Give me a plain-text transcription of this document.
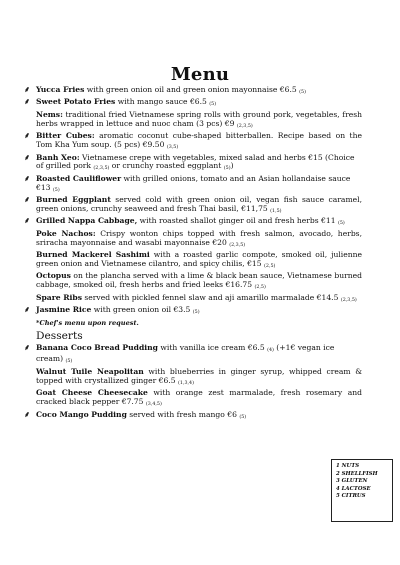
Menu
⸙ Yucca Fries with green onion oil and green onion mayonnaise €6.5 (5)
⸙ Sweet Potato Fries with mango sauce €6.5 (5)
Nems: traditional fried Vietnamese spring rolls with ground pork, vegetables, fresh herbs wrapped in lettuce and nuoc cham (3 pcs) €9 (2,3,5)
⸙ Bitter Cubes: aromatic coconut cube-shaped bitterballen. Recipe based on the Tom Kha Yum soup. (5 pcs) €9.50 (3,5)
⸙ Banh Xeo: Vietnamese crepe with vegetables, mixed salad and herbs €15 (Choice of grilled pork (2,3,5) or crunchy roasted eggplant (5))
⸙ Roasted Cauliflower with grilled onions, tomato and an Asian hollandaise sauce €13 (5)
⸙ Burned Eggplant served cold with green onion oil, vegan fish sauce caramel, green onions, crunchy seaweed and fresh Thai basil, €11,75 (1,5)
⸙ Grilled Nappa Cabbage, with roasted shallot ginger oil and fresh herbs €11 (5)
Poke Nachos: Crispy wonton chips topped with fresh salmon, avocado, herbs, sriracha mayonnaise and wasabi mayonnaise €20 (2,3,5)
Burned Mackerel Sashimi with a roasted garlic compote, smoked oil, julienne green onion and Vietnamese cilantro, and spicy chilis, €15 (2,5)
Octopus on the plancha served with a lime & black bean sauce, Vietnamese burned cabbage, smoked oil, fresh herbs and fried leeks €16.75 (2,5)
Spare Ribs served with pickled fennel slaw and aji amarillo marmalade €14.5 (2,3,5)
⸙ Jasmine Rice with green onion oil €3.5 (5)
*Chef's menu upon request.
Desserts
⸙ Banana Coco Bread Pudding with vanilla ice cream €6.5 (4) (+1€ vegan ice cream) (5)
Walnut Tuile Neapolitan with blueberries in ginger syrup, whipped cream & topped with crystallized ginger €6.5 (1,3,4)
Goat Cheese Cheesecake with orange zest marmalade, fresh rosemary and cracked black pepper €7.75 (3,4,5)
⸙ Coco Mango Pudding served with fresh mango €6 (5)
1 NUTS
2 SHELLFISH
3 GLUTEN
4 LACTOSE
5 CITRUS
